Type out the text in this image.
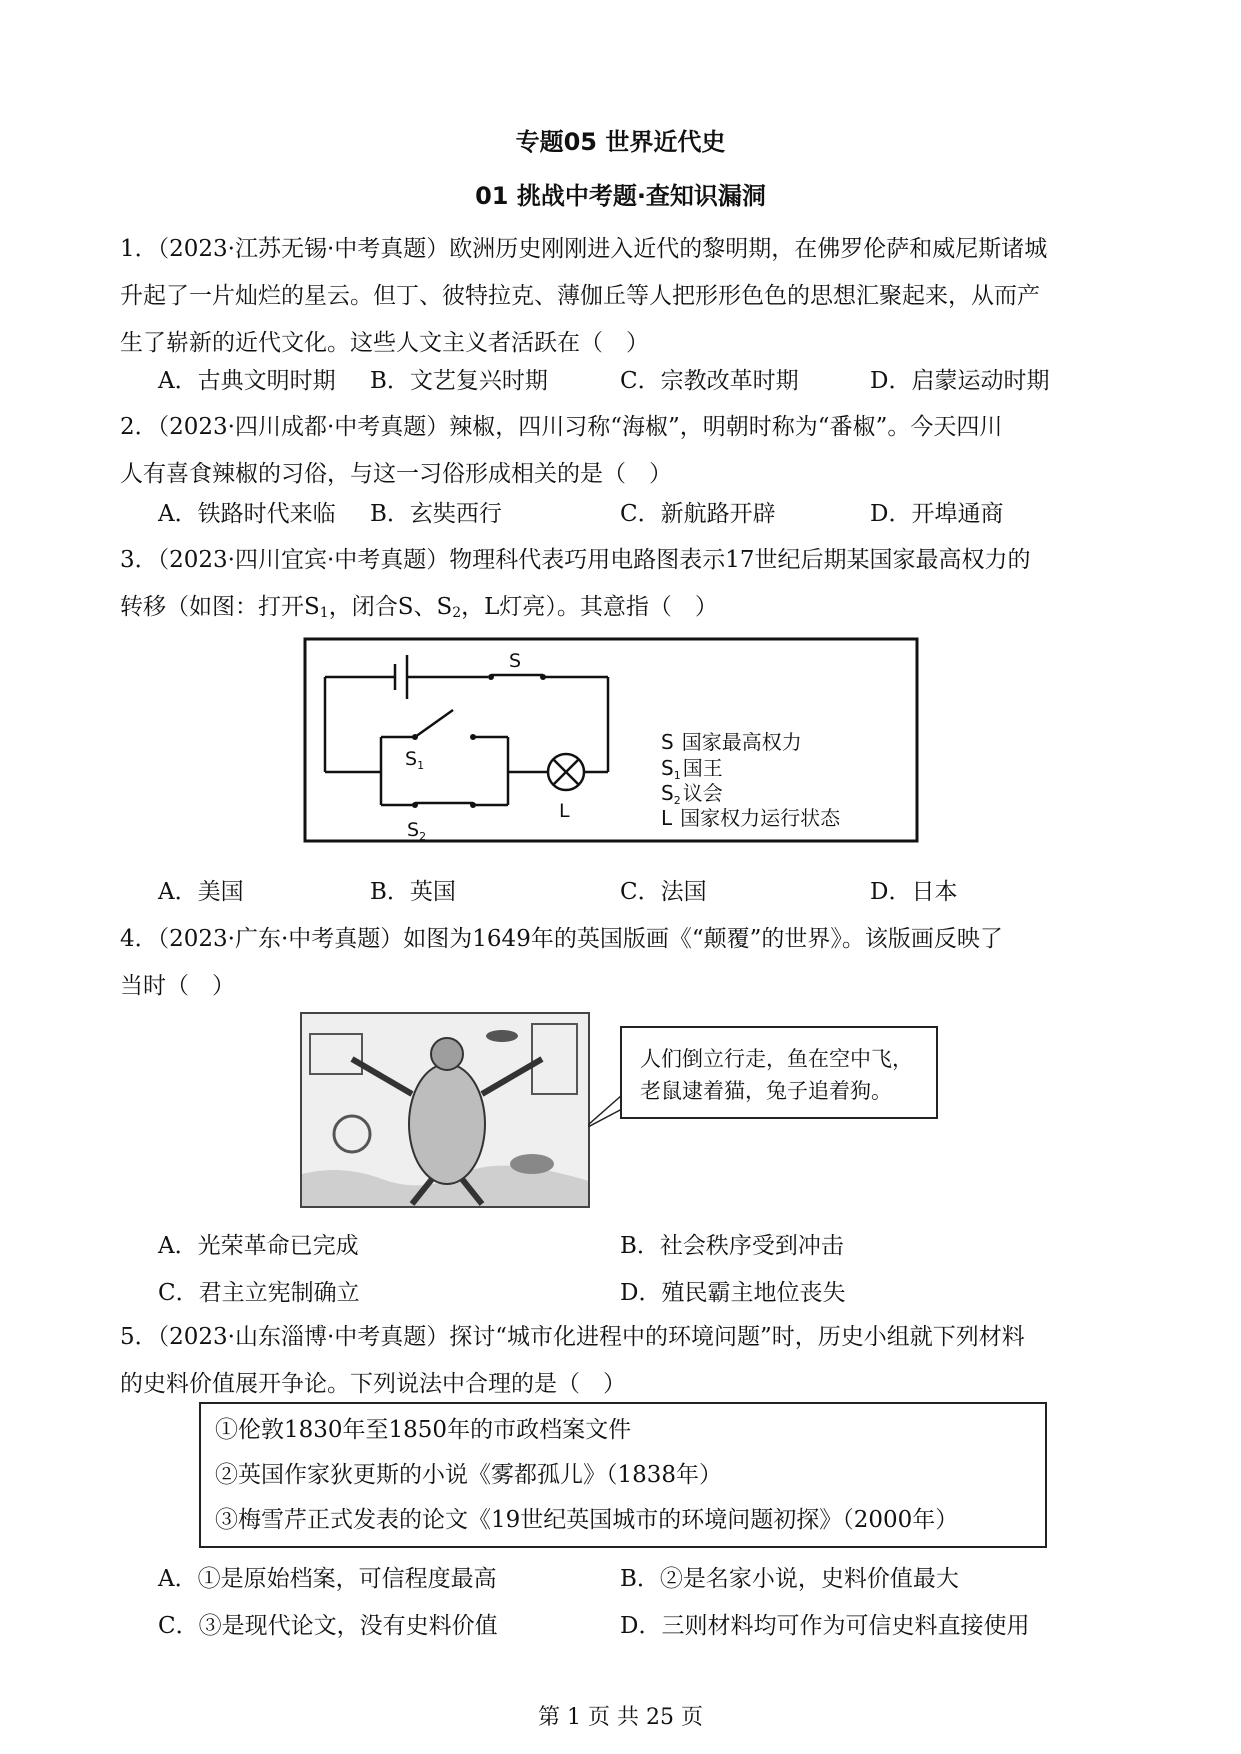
专题05 世界近代史
01 挑战中考题·查知识漏洞
1．（2023·江苏无锡·中考真题）欧洲历史刚刚进入近代的黎明期，在佛罗伦萨和威尼斯诸城
升起了一片灿烂的星云。但丁、彼特拉克、薄伽丘等人把形形色色的思想汇聚起来，从而产
生了崭新的近代文化。这些人文主义者活跃在（　）
A．古典文明时期 B．文艺复兴时期	C．宗教改革时期	D．启蒙运动时期
2．（2023·四川成都·中考真题）辣椒，四川习称“海椒”，明朝时称为“番椒”。今天四川
人有喜食辣椒的习俗，与这一习俗形成相关的是（　）
A．铁路时代来临 B．玄奘西行	C．新航路开辟	D．开埠通商
3．（2023·四川宜宾·中考真题）物理科代表巧用电路图表示17世纪后期某国家最高权力的
转移（如图：打开$S_1$，闭合S、$S_2$，L灯亮）。其意指（　）
S
$S_1$
$S_2$
L
S 国家最高权力
$S_1$ 国王
$S_2$ 议会
L 国家权力运行状态
A．美国	B．英国	C．法国	D．日本
4．（2023·广东·中考真题）如图为1649年的英国版画《“颠覆”的世界》。该版画反映了
当时（　）
人们倒立行走，鱼在空中飞，
老鼠逮着猫，兔子追着狗。
A．光荣革命已完成	B．社会秩序受到冲击
C．君主立宪制确立	D．殖民霸主地位丧失
5．（2023·山东淄博·中考真题）探讨“城市化进程中的环境问题”时，历史小组就下列材料
的史料价值展开争论。下列说法中合理的是（　）
①伦敦1830年至1850年的市政档案文件
②英国作家狄更斯的小说《雾都孤儿》（1838年）
③梅雪芹正式发表的论文《19世纪英国城市的环境问题初探》（2000年）
A．①是原始档案，可信程度最高	B．②是名家小说，史料价值最大
C．③是现代论文，没有史料价值	D．三则材料均可作为可信史料直接使用
第 1 页 共 25 页
